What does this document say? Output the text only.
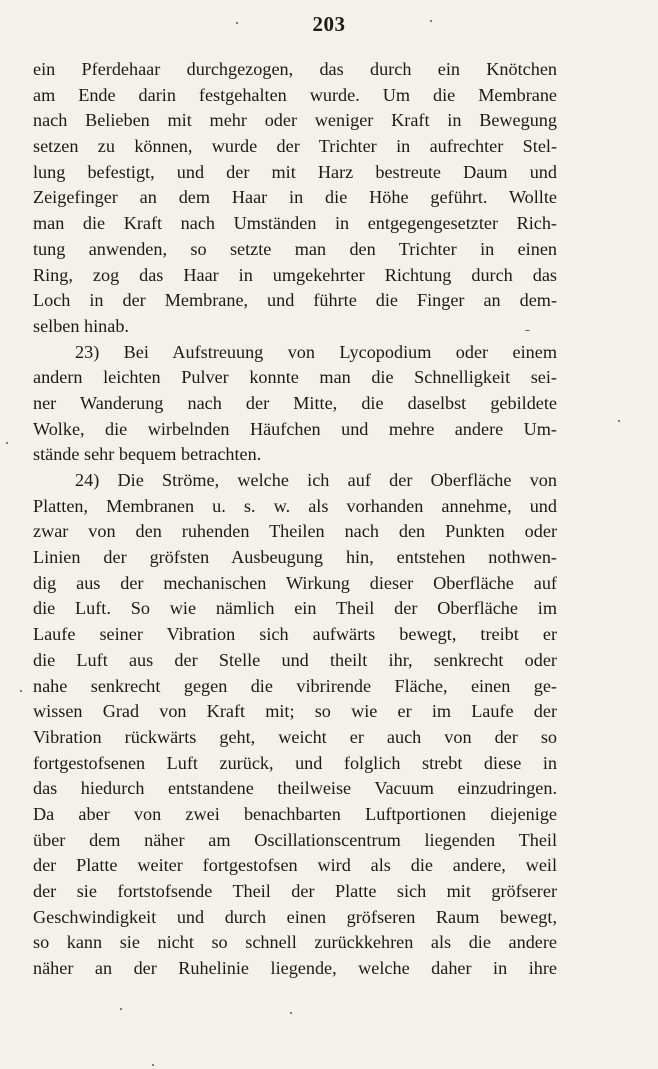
203
ein Pferdehaar durchgezogen, das durch ein Knötchen
am Ende darin festgehalten wurde. Um die Membrane
nach Belieben mit mehr oder weniger Kraft in Bewegung
setzen zu können, wurde der Trichter in aufrechter Stel-
lung befestigt, und der mit Harz bestreute Daum und
Zeigefinger an dem Haar in die Höhe geführt. Wollte
man die Kraft nach Umständen in entgegengesetzter Rich-
tung anwenden, so setzte man den Trichter in einen
Ring, zog das Haar in umgekehrter Richtung durch das
Loch in der Membrane, und führte die Finger an dem-
selben hinab.
23) Bei Aufstreuung von Lycopodium oder einem
andern leichten Pulver konnte man die Schnelligkeit sei-
ner Wanderung nach der Mitte, die daselbst gebildete
Wolke, die wirbelnden Häufchen und mehre andere Um-
stände sehr bequem betrachten.
24) Die Ströme, welche ich auf der Oberfläche von
Platten, Membranen u. s. w. als vorhanden annehme, und
zwar von den ruhenden Theilen nach den Punkten oder
Linien der gröfsten Ausbeugung hin, entstehen nothwen-
dig aus der mechanischen Wirkung dieser Oberfläche auf
die Luft. So wie nämlich ein Theil der Oberfläche im
Laufe seiner Vibration sich aufwärts bewegt, treibt er
die Luft aus der Stelle und theilt ihr, senkrecht oder
nahe senkrecht gegen die vibrirende Fläche, einen ge-
wissen Grad von Kraft mit; so wie er im Laufe der
Vibration rückwärts geht, weicht er auch von der so
fortgestofsenen Luft zurück, und folglich strebt diese in
das hiedurch entstandene theilweise Vacuum einzudringen.
Da aber von zwei benachbarten Luftportionen diejenige
über dem näher am Oscillationscentrum liegenden Theil
der Platte weiter fortgestofsen wird als die andere, weil
der sie fortstofsende Theil der Platte sich mit gröfserer
Geschwindigkeit und durch einen gröfseren Raum bewegt,
so kann sie nicht so schnell zurückkehren als die andere
näher an der Ruhelinie liegende, welche daher in ihre
